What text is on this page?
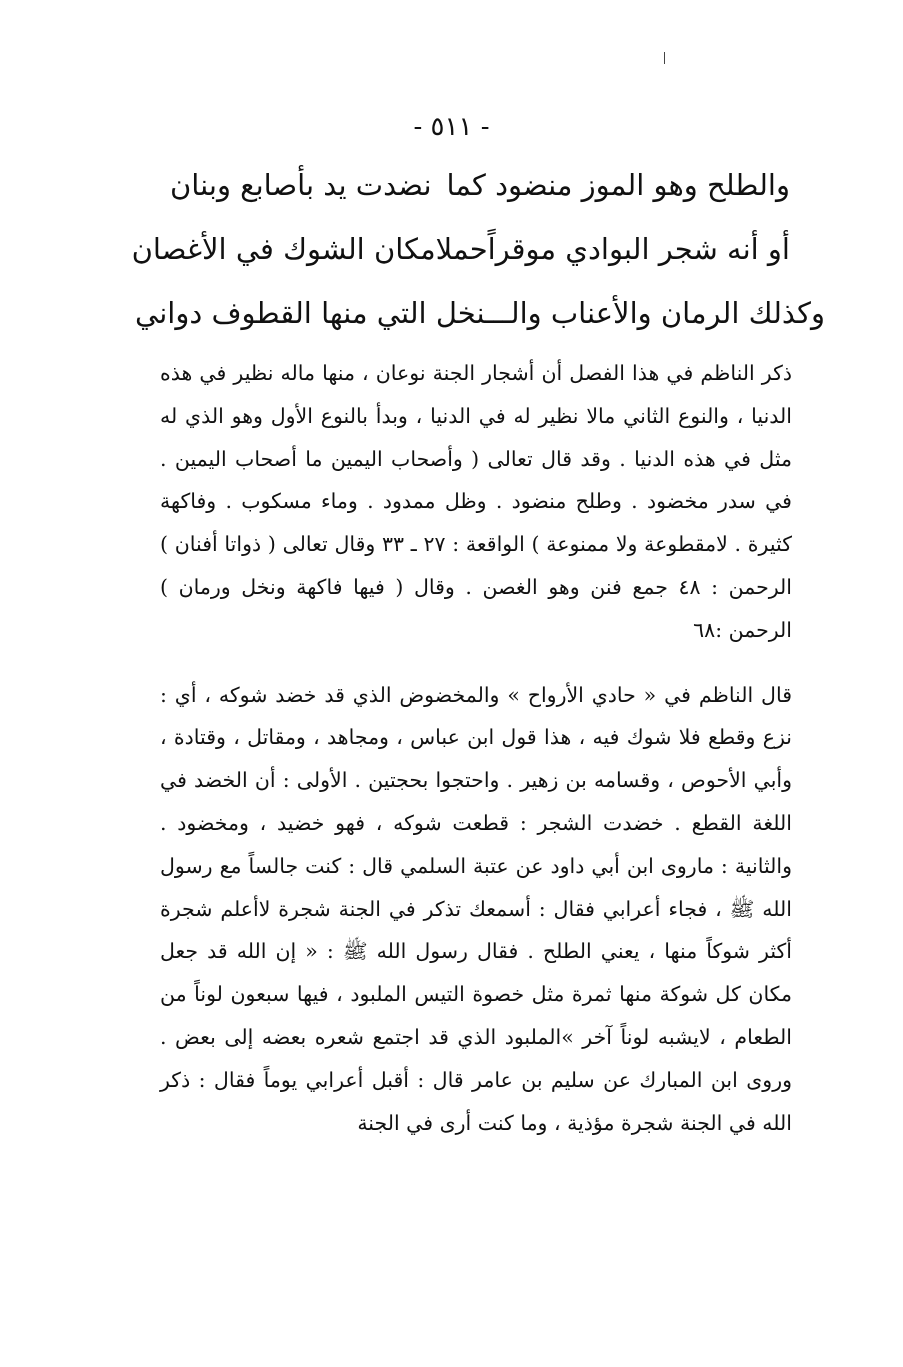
- ٥١١ -
والطلح وهو الموز منضود كما
نضدت يد بأصابع وبنان
أو أنه شجر البوادي موقراً
حملامكان الشوك في الأغصان
وكذلك الرمان والأعناب والـــنخل التي منها القطوف دواني

ذكر الناظم في هذا الفصل أن أشجار الجنة نوعان ، منها ماله نظير في هذه الدنيا ، والنوع الثاني مالا نظير له في الدنيا ، وبدأ بالنوع الأول وهو الذي له مثل في هذه الدنيا . وقد قال تعالى ( وأصحاب اليمين ما أصحاب اليمين . في سدر مخضود . وطلح منضود . وظل ممدود . وماء مسكوب . وفاكهة كثيرة . لامقطوعة ولا ممنوعة ) الواقعة : ٢٧ ـ ٣٣ وقال تعالى ( ذواتا أفنان ) الرحمن : ٤٨ جمع فنن وهو الغصن . وقال ( فيها فاكهة ونخل ورمان ) الرحمن :٦٨

قال الناظم في « حادي الأرواح » والمخضوض الذي قد خضد شوكه ، أي : نزع وقطع فلا شوك فيه ، هذا قول ابن عباس ، ومجاهد ، ومقاتل ، وقتادة ، وأبي الأحوص ، وقسامه بن زهير . واحتجوا بحجتين . الأولى : أن الخضد في اللغة القطع . خضدت الشجر : قطعت شوكه ، فهو خضيد ، ومخضود . والثانية : ماروى ابن أبي داود عن عتبة السلمي قال : كنت جالساً مع رسول الله ﷺ ، فجاء أعرابي فقال : أسمعك تذكر في الجنة شجرة لاأعلم شجرة أكثر شوكاً منها ، يعني الطلح . فقال رسول الله ﷺ : « إن الله قد جعل مكان كل شوكة منها ثمرة مثل خصوة التيس الملبود ، فيها سبعون لوناً من الطعام ، لايشبه لوناً آخر »الملبود الذي قد اجتمع شعره بعضه إلى بعض . وروى ابن المبارك عن سليم بن عامر قال : أقبل أعرابي يوماً فقال : ذكر الله في الجنة شجرة مؤذية ، وما كنت أرى في الجنة
